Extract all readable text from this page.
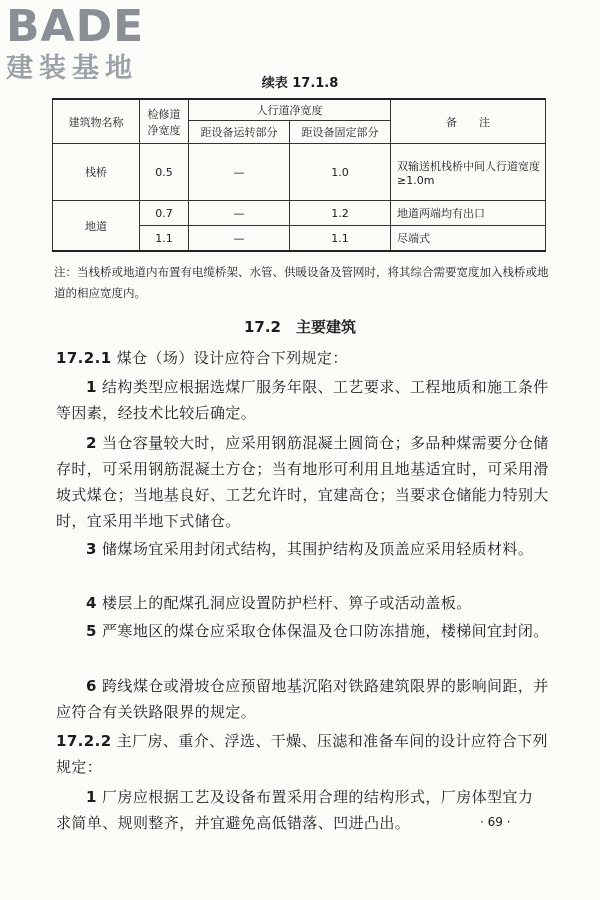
BADE
建装基地	续表 17.1.8
建筑物名称	检修道
净宽度	人行道净宽度		备　　注
		距设备运转部分	距设备固定部分	
栈桥	0.5	—	1.0	双输送机栈桥中间人行道宽度≥1.0m
地道	0.7	—	1.2	地道两端均有出口
	1.1	—	1.1	尽端式
注：当栈桥或地道内布置有电缆桥架、水管、供暖设备及管网时，将其综合需要宽度加入栈桥或地道的相应宽度内。
17.2　主要建筑
17.2.1 煤仓（场）设计应符合下列规定：
1 结构类型应根据选煤厂服务年限、工艺要求、工程地质和施工条件等因素，经技术比较后确定。
2 当仓容量较大时，应采用钢筋混凝土圆筒仓；多品种煤需要分仓储存时，可采用钢筋混凝土方仓；当有地形可利用且地基适宜时，可采用滑坡式煤仓；当地基良好、工艺允许时，宜建高仓；当要求仓储能力特别大时，宜采用半地下式储仓。
3 储煤场宜采用封闭式结构，其围护结构及顶盖应采用轻质材料。
4 楼层上的配煤孔洞应设置防护栏杆、箅子或活动盖板。
5 严寒地区的煤仓应采取仓体保温及仓口防冻措施，楼梯间宜封闭。
6 跨线煤仓或滑坡仓应预留地基沉陷对铁路建筑限界的影响间距，并应符合有关铁路限界的规定。
17.2.2 主厂房、重介、浮选、干燥、压滤和准备车间的设计应符合下列规定：
1 厂房应根据工艺及设备布置采用合理的结构形式，厂房体型宜力求简单、规则整齐，并宜避免高低错落、凹进凸出。	· 69 ·
